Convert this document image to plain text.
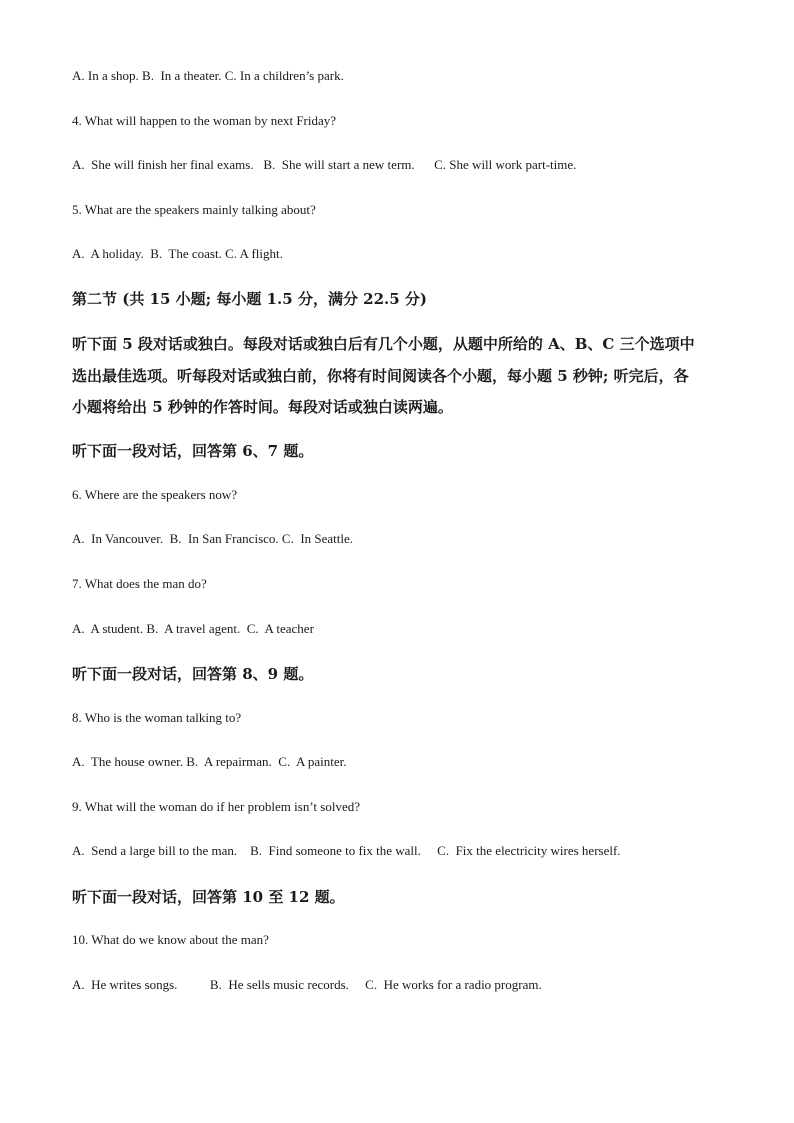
A. In a shop. B.  In a theater. C. In a children’s park.
4. What will happen to the woman by next Friday?
A.  She will finish her final exams.   B.  She will start a new term.      C. She will work part-time.
5. What are the speakers mainly talking about?
A.  A holiday.  B.  The coast. C. A flight.
第二节 (共 15 小题; 每小题 1.5 分，满分 22.5 分)
听下面 5 段对话或独白。每段对话或独白后有几个小题，从题中所给的 A、B、C 三个选项中
选出最佳选项。听每段对话或独白前，你将有时间阅读各个小题，每小题 5 秒钟; 听完后，各
小题将给出 5 秒钟的作答时间。每段对话或独白读两遍。
听下面一段对话，回答第 6、7 题。
6. Where are the speakers now?
A.  In Vancouver.  B.  In San Francisco. C.  In Seattle.
7. What does the man do?
A.  A student. B.  A travel agent.  C.  A teacher
听下面一段对话，回答第 8、9 题。
8. Who is the woman talking to?
A.  The house owner. B.  A repairman.  C.  A painter.
9. What will the woman do if her problem isn’t solved?
A.  Send a large bill to the man.    B.  Find someone to fix the wall.     C.  Fix the electricity wires herself.
听下面一段对话，回答第 10 至 12 题。
10. What do we know about the man?
A.  He writes songs.          B.  He sells music records.     C.  He works for a radio program.
